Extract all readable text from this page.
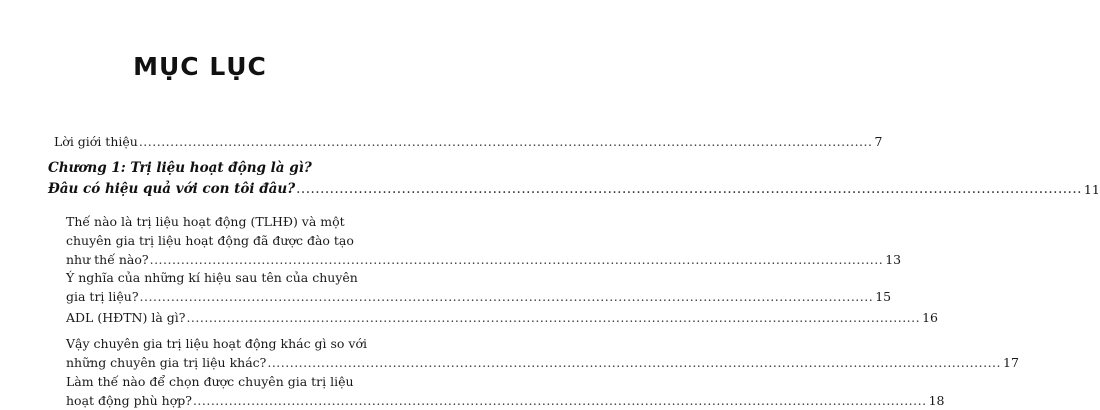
MỤC LỤC
Lời giới thiệu .....	7
Chương 1: Trị liệu hoạt động là gì?
Đâu có hiệu quả với con tôi đâu? .....	11
Thế nào là trị liệu hoạt động (TLHĐ) và một
chuyên gia trị liệu hoạt động đã được đào tạo
như thế nào? .....	13
Ý nghĩa của những kí hiệu sau tên của chuyên
gia trị liệu? .....	15
ADL (HĐTN) là gì? .....	16
Vậy chuyên gia trị liệu hoạt động khác gì so với
những chuyên gia trị liệu khác? .....	17
Làm thế nào để chọn được chuyên gia trị liệu
hoạt động phù hợp? .....	18
